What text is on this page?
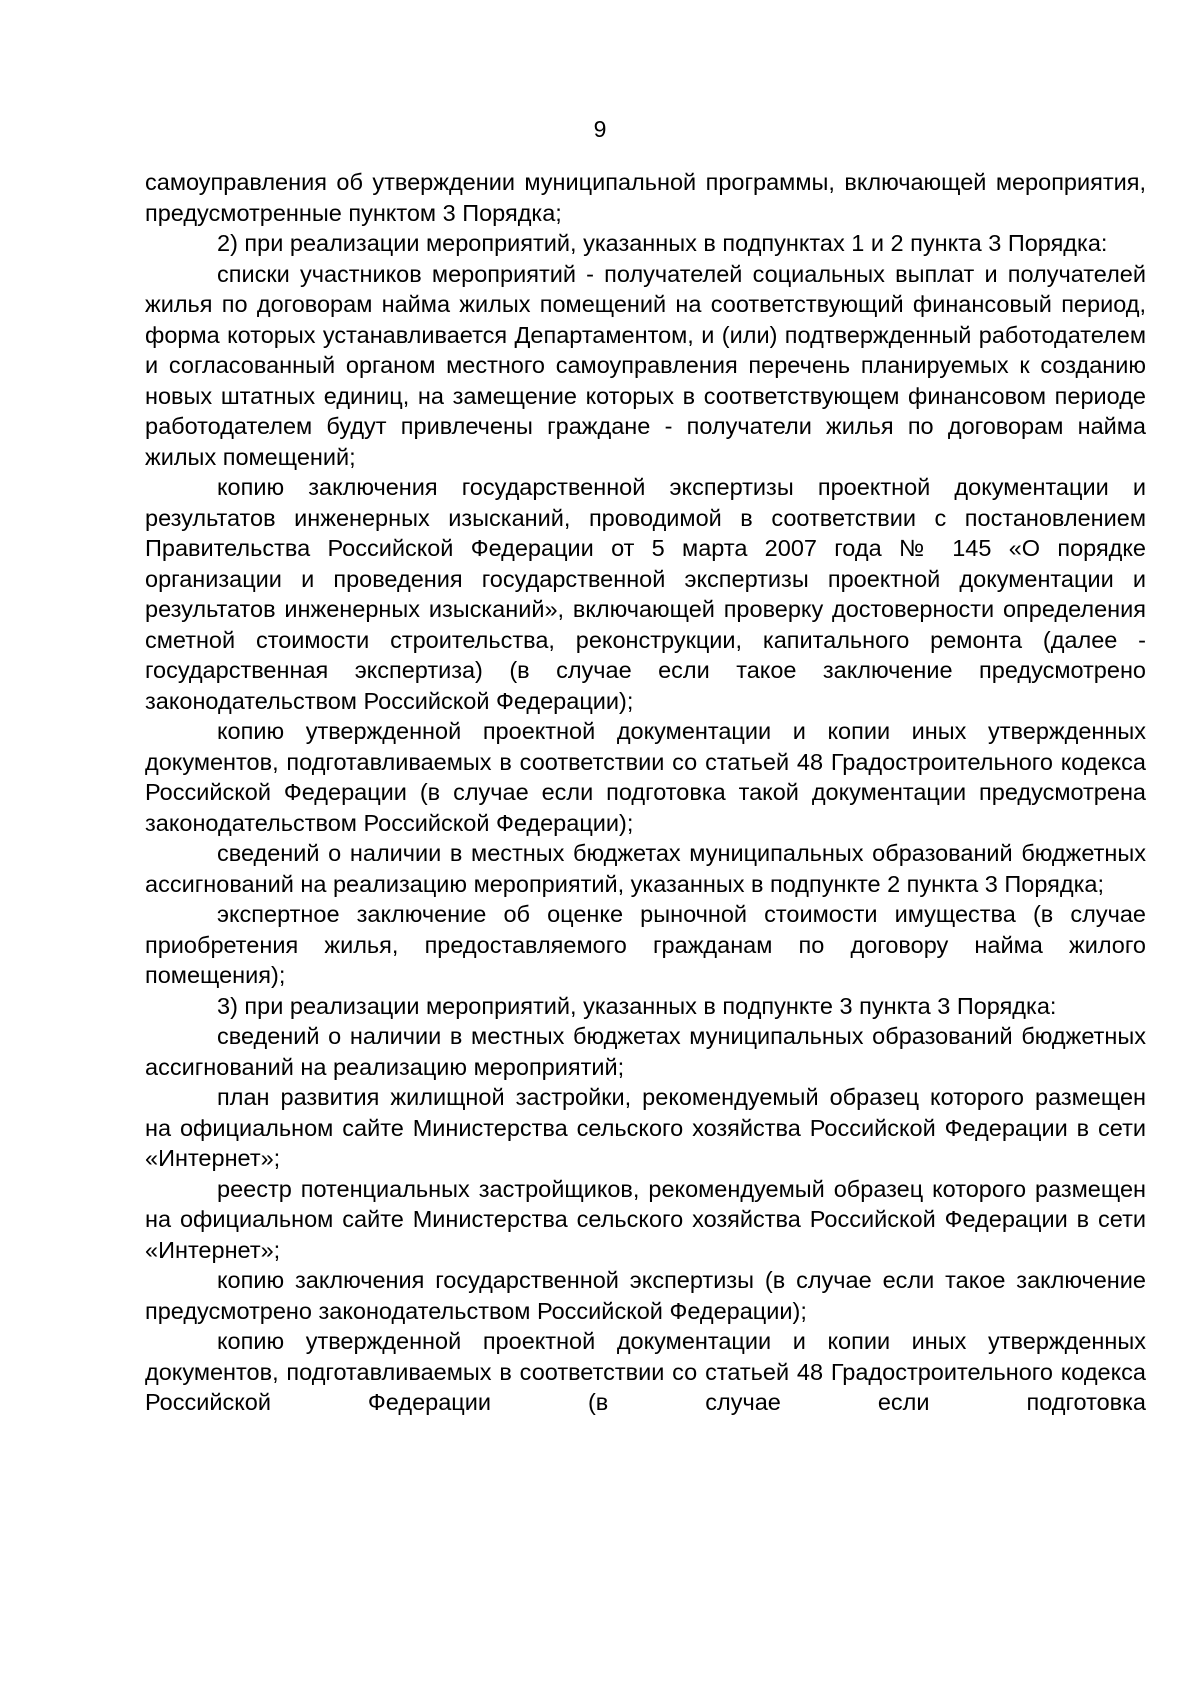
9

самоуправления об утверждении муниципальной программы, включающей мероприятия, предусмотренные пунктом 3 Порядка;

2) при реализации мероприятий, указанных в подпунктах 1 и 2 пункта 3 Порядка:

списки участников мероприятий - получателей социальных выплат и получателей жилья по договорам найма жилых помещений на соответствующий финансовый период, форма которых устанавливается Департаментом, и (или) подтвержденный работодателем и согласованный органом местного самоуправления перечень планируемых к созданию новых штатных единиц, на замещение которых в соответствующем финансовом периоде работодателем будут привлечены граждане - получатели жилья по договорам найма жилых помещений;

копию заключения государственной экспертизы проектной документации и результатов инженерных изысканий, проводимой в соответствии с постановлением Правительства Российской Федерации от 5 марта 2007 года № 145 «О порядке организации и проведения государственной экспертизы проектной документации и результатов инженерных изысканий», включающей проверку достоверности определения сметной стоимости строительства, реконструкции, капитального ремонта (далее - государственная экспертиза) (в случае если такое заключение предусмотрено законодательством Российской Федерации);

копию утвержденной проектной документации и копии иных утвержденных документов, подготавливаемых в соответствии со статьей 48 Градостроительного кодекса Российской Федерации (в случае если подготовка такой документации предусмотрена законодательством Российской Федерации);

сведений о наличии в местных бюджетах муниципальных образований бюджетных ассигнований на реализацию мероприятий, указанных в подпункте 2 пункта 3 Порядка;

экспертное заключение об оценке рыночной стоимости имущества (в случае приобретения жилья, предоставляемого гражданам по договору найма жилого помещения);

3) при реализации мероприятий, указанных в подпункте 3 пункта 3 Порядка:

сведений о наличии в местных бюджетах муниципальных образований бюджетных ассигнований на реализацию мероприятий;

план развития жилищной застройки, рекомендуемый образец которого размещен на официальном сайте Министерства сельского хозяйства Российской Федерации в сети «Интернет»;

реестр потенциальных застройщиков, рекомендуемый образец которого размещен на официальном сайте Министерства сельского хозяйства Российской Федерации в сети «Интернет»;

копию заключения государственной экспертизы (в случае если такое заключение предусмотрено законодательством Российской Федерации);

копию утвержденной проектной документации и копии иных утвержденных документов, подготавливаемых в соответствии со статьей 48 Градостроительного кодекса Российской Федерации (в случае если подготовка
